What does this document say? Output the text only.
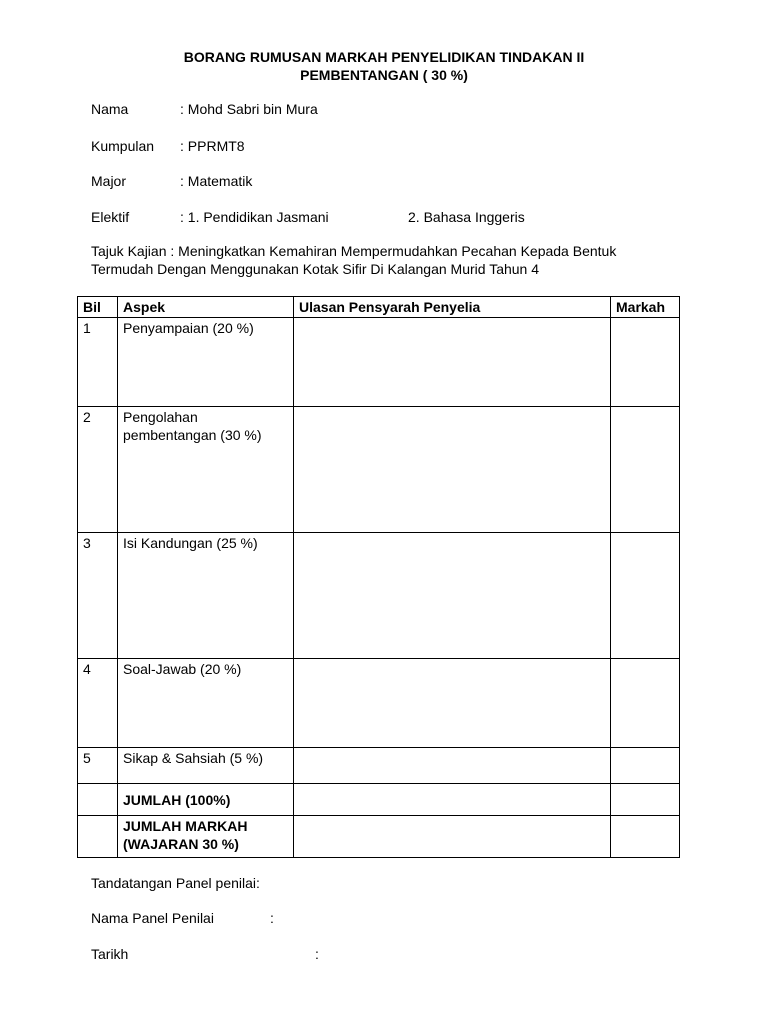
BORANG RUMUSAN MARKAH PENYELIDIKAN TINDAKAN II
PEMBENTANGAN ( 30 %)
Nama	: Mohd Sabri bin Mura
Kumpulan : PPRMT8
Major	: Matematik
Elektif	: 1. Pendidikan Jasmani	2. Bahasa Inggeris
Tajuk Kajian : Meningkatkan Kemahiran Mempermudahkan Pecahan Kepada Bentuk
Termudah Dengan Menggunakan Kotak Sifir Di Kalangan Murid Tahun 4
Bil	Aspek	Ulasan Pensyarah Penyelia	Markah
1	Penyampaian (20 %)		
2	Pengolahan
pembentangan (30 %)		

3	Isi Kandungan (25 %)		
4	Soal-Jawab (20 %)		
5	Sikap & Sahsiah (5 %)		
	JUMLAH (100%)		

	JUMLAH MARKAH
(WAJARAN 30 %)		

Tandatangan Panel penilai:
Nama Panel Penilai	:
Tarikh	:
